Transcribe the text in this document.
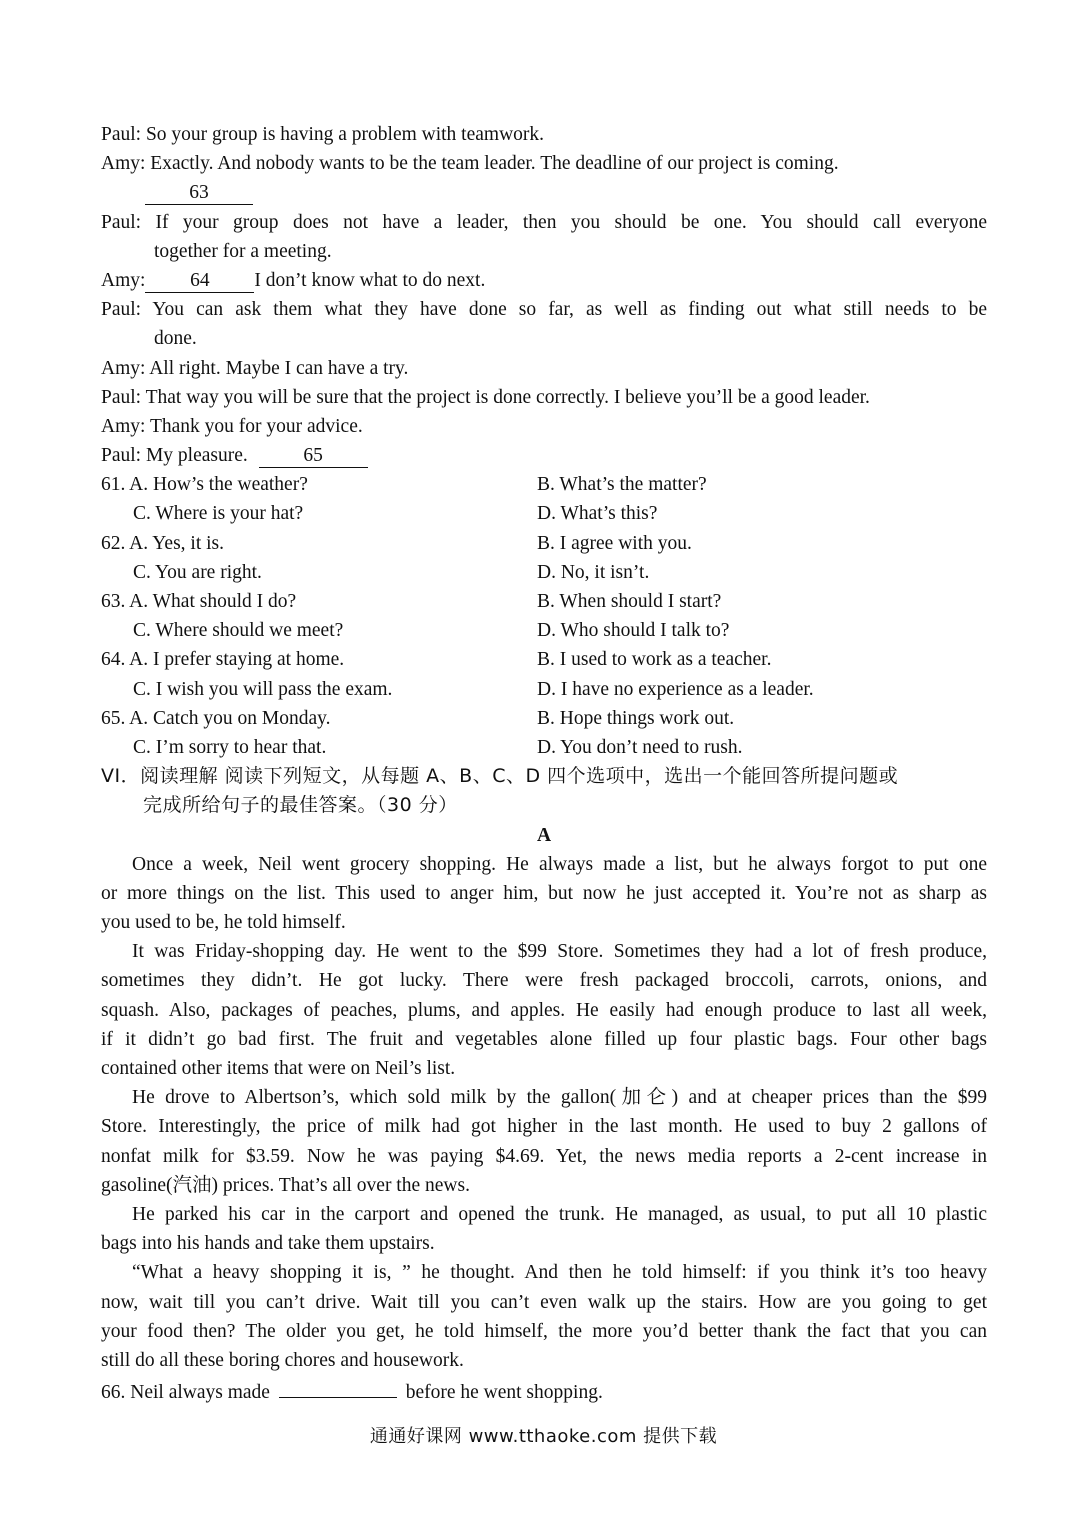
Paul: So your group is having a problem with teamwork.
Amy: Exactly. And nobody wants to be the team leader. The deadline of our project is coming.
63
Paul: If your group does not have a leader, then you should be one. You should call everyone
together for a meeting.
Amy: 64 I don’t know what to do next.
Paul: You can ask them what they have done so far, as well as finding out what still needs to be
done.
Amy: All right. Maybe I can have a try.
Paul: That way you will be sure that the project is done correctly. I believe you’ll be a good leader.
Amy: Thank you for your advice.
Paul: My pleasure.	65
61. A. How’s the weather?	B. What’s the matter?
C. Where is your hat?	D. What’s this?
62. A. Yes, it is.	B. I agree with you.
C. You are right.	D. No, it isn’t.
63. A. What should I do?	B. When should I start?
C. Where should we meet?	D. Who should I talk to?
64. A. I prefer staying at home.	B. I used to work as a teacher.
C. I wish you will pass the exam.	D. I have no experience as a leader.
65. A. Catch you on Monday.	B. Hope things work out.
C. I’m sorry to hear that.	D. You don’t need to rush.
VI．阅读理解 阅读下列短文，从每题 A、B、C、D 四个选项中，选出一个能回答所提问题或
完成所给句子的最佳答案。（30 分）
A
Once a week, Neil went grocery shopping. He always made a list, but he always forgot to put one
or more things on the list. This used to anger him, but now he just accepted it. You’re not as sharp as
you used to be, he told himself.
It was Friday-shopping day. He went to the $99 Store. Sometimes they had a lot of fresh produce,
sometimes they didn’t. He got lucky. There were fresh packaged broccoli, carrots, onions, and
squash. Also, packages of peaches, plums, and apples. He easily had enough produce to last all week,
if it didn’t go bad first. The fruit and vegetables alone filled up four plastic bags. Four other bags
contained other items that were on Neil’s list.
He drove to Albertson’s, which sold milk by the gallon(加仑) and at cheaper prices than the $99
Store. Interestingly, the price of milk had got higher in the last month. He used to buy 2 gallons of
nonfat milk for $3.59. Now he was paying $4.69. Yet, the news media reports a 2-cent increase in
gasoline(汽油) prices. That’s all over the news.
He parked his car in the carport and opened the trunk. He managed, as usual, to put all 10 plastic
bags into his hands and take them upstairs.
“What a heavy shopping it is, ” he thought. And then he told himself: if you think it’s too heavy
now, wait till you can’t drive. Wait till you can’t even walk up the stairs. How are you going to get
your food then? The older you get, he told himself, the more you’d better thank the fact that you can
still do all these boring chores and housework.
66. Neil always made	before he went shopping.
通通好课网 www.tthaoke.com 提供下载
